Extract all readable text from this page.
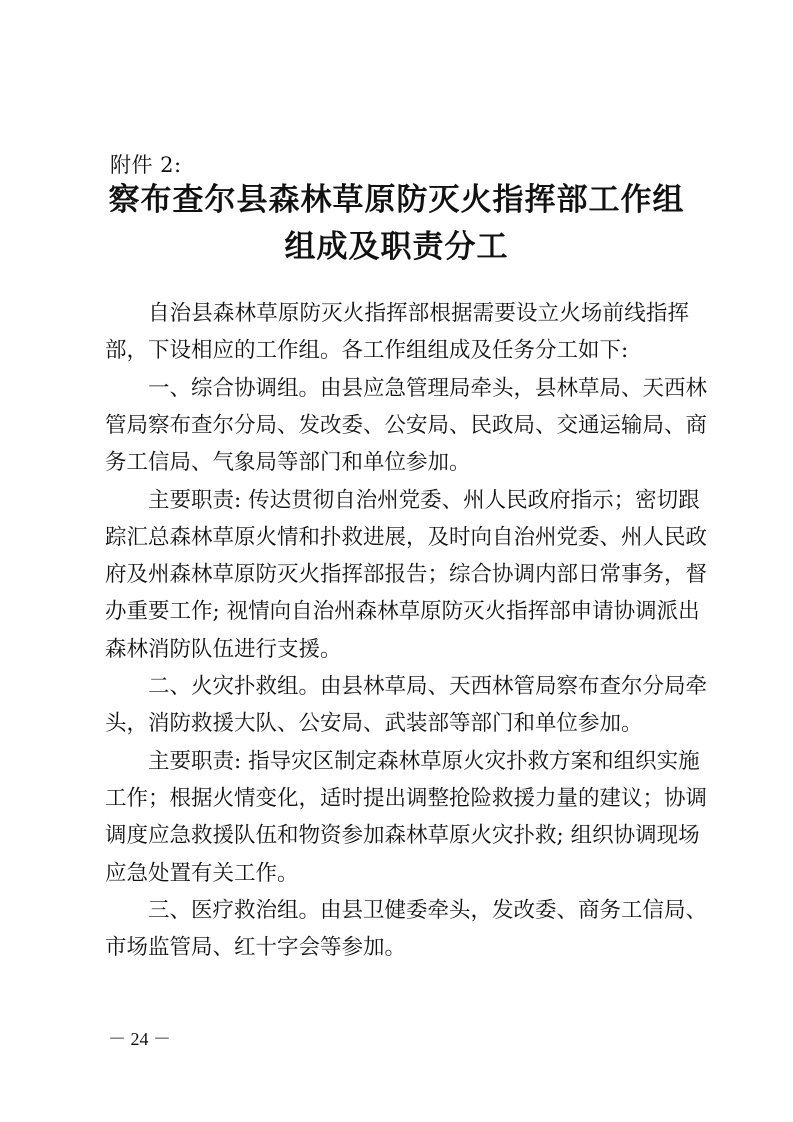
附件 2:
察布查尔县森林草原防灭火指挥部工作组
组成及职责分工
自治县森林草原防灭火指挥部根据需要设立火场前线指挥
部，下设相应的工作组。各工作组组成及任务分工如下:
一、综合协调组。由县应急管理局牵头，县林草局、天西林
管局察布查尔分局、发改委、公安局、民政局、交通运输局、商
务工信局、气象局等部门和单位参加。
主要职责: 传达贯彻自治州党委、州人民政府指示；密切跟
踪汇总森林草原火情和扑救进展，及时向自治州党委、州人民政
府及州森林草原防灭火指挥部报告；综合协调内部日常事务，督
办重要工作; 视情向自治州森林草原防灭火指挥部申请协调派出
森林消防队伍进行支援。
二、火灾扑救组。由县林草局、天西林管局察布查尔分局牵
头，消防救援大队、公安局、武装部等部门和单位参加。
主要职责: 指导灾区制定森林草原火灾扑救方案和组织实施
工作；根据火情变化，适时提出调整抢险救援力量的建议；协调
调度应急救援队伍和物资参加森林草原火灾扑救; 组织协调现场
应急处置有关工作。
三、医疗救治组。由县卫健委牵头，发改委、商务工信局、
市场监管局、红十字会等参加。
－ 24 －
